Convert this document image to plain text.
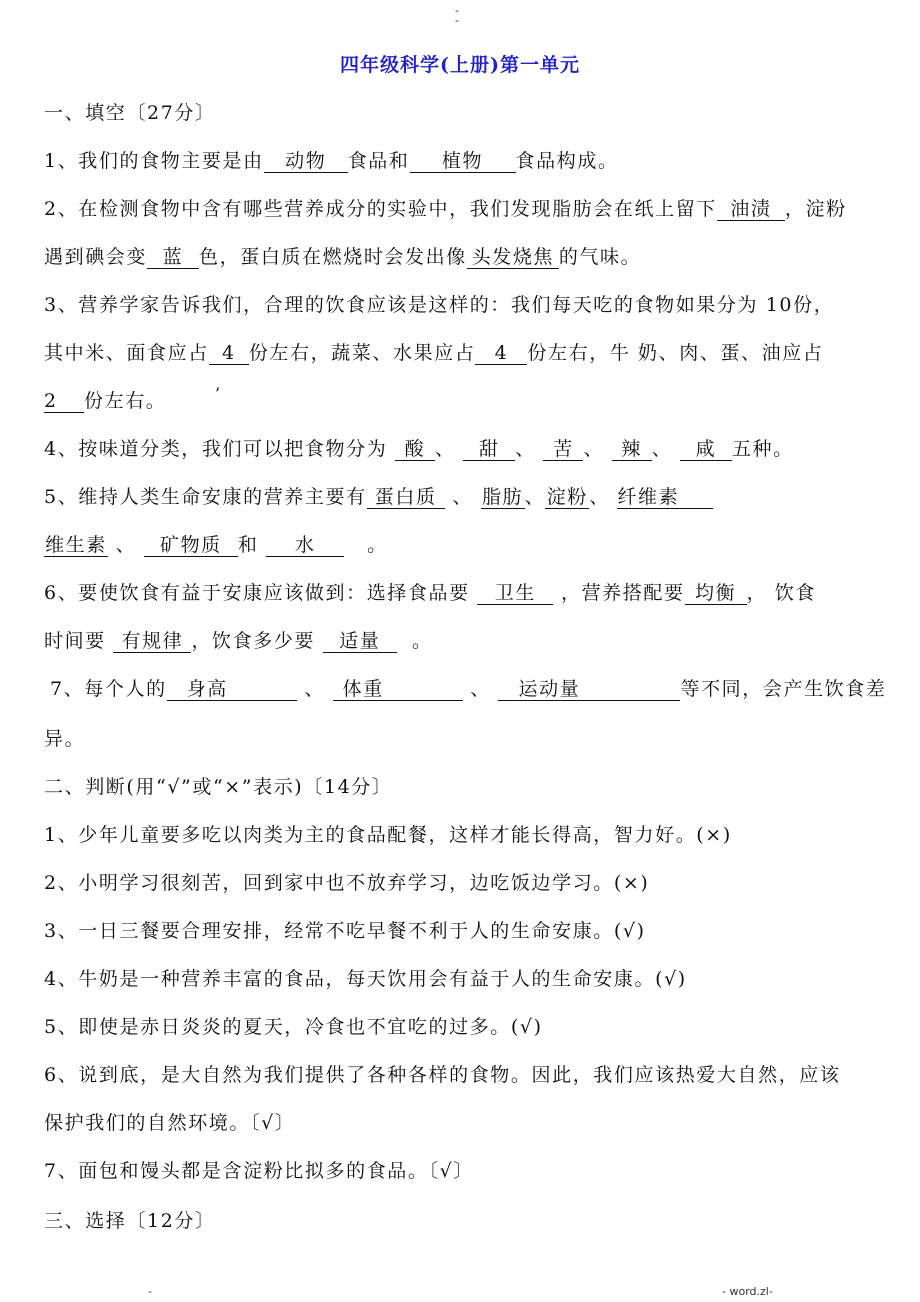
-
-
四年级科学(上册)第一单元
一、填空〔27分〕
1、我们的食物主要是由 动物 食品和 植物 食品构成。
2、在检测食物中含有哪些营养成分的实验中，我们发现脂肪会在纸上留下 油渍 ，淀粉
遇到碘会变 蓝 色，蛋白质在燃烧时会发出像 头发烧焦 的气味。
3、营养学家告诉我们，合理的饮食应该是这样的：我们每天吃的食物如果分为 10份，
其中米、面食应占 4 份左右，蔬菜、水果应占 4 份左右，牛 奶、肉、蛋、油应占
’
2 份左右。
4、按味道分类，我们可以把食物分为 酸 、 甜 、 苦 、 辣 、 咸 五种。
5、维持人类生命安康的营养主要有 蛋白质 、 脂肪、淀粉、 纤维素
维生素 、 矿物质 和 水	。
6、要使饮食有益于安康应该做到：选择食品要 卫生 ，营养搭配要 均衡 ， 饮食
时间要 有规律 ，饮食多少要 适量 。
7、每个人的 身高	、 体重	、 运动量	等不同，会产生饮食差
异。
二、判断(用“√”或“×”表示)〔14分〕
1、少年儿童要多吃以肉类为主的食品配餐，这样才能长得高，智力好。(×)
2、小明学习很刻苦，回到家中也不放弃学习，边吃饭边学习。(×)
3、一日三餐要合理安排，经常不吃早餐不利于人的生命安康。(√)
4、牛奶是一种营养丰富的食品，每天饮用会有益于人的生命安康。(√)
5、即使是赤日炎炎的夏天，冷食也不宜吃的过多。(√)
6、说到底，是大自然为我们提供了各种各样的食物。因此，我们应该热爱大自然，应该
保护我们的自然环境。〔√〕
7、面包和馒头都是含淀粉比拟多的食品。〔√〕
三、选择〔12分〕
-	- word.zl-
